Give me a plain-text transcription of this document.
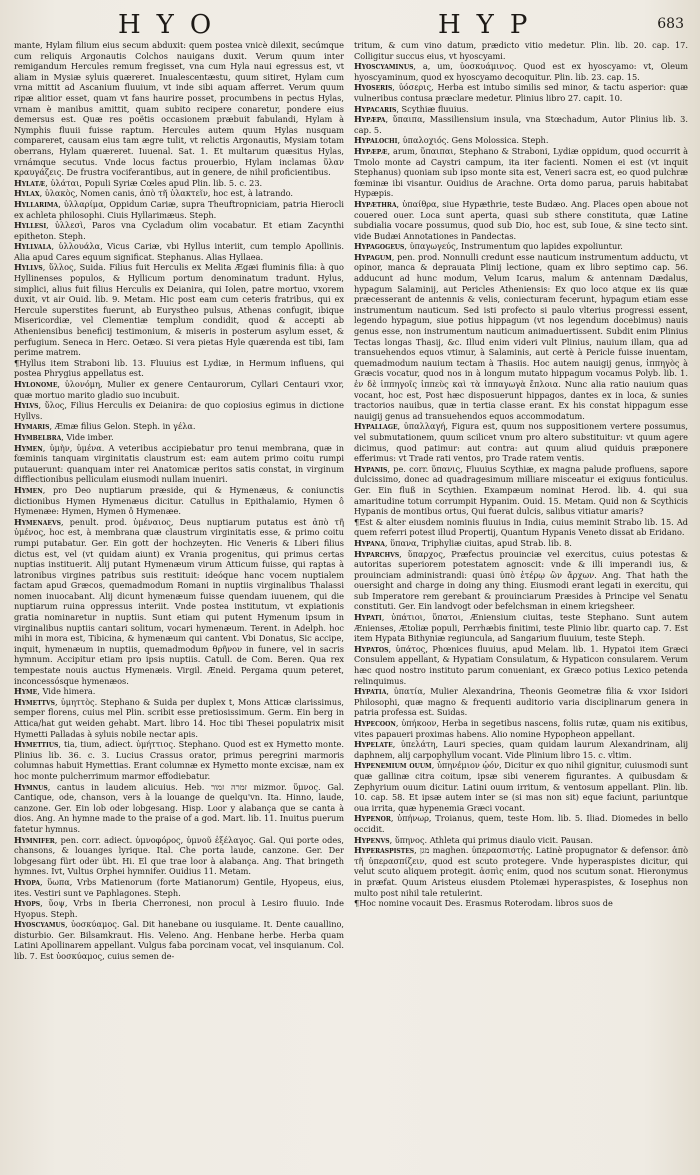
HYO	HYP	683

mante, Hylam filium eius secum abduxit: quem postea vnicè dilexit, secúmque cum reliquis Argonautis Colchos nauigans duxit. Verum quum inter remigandum Hercules remum fregisset, vna cum Hyla naui egressus est, vt aliam in Mysiæ syluis quæreret. Inualescentæstu, quum sitiret, Hylam cum vrna mittit ad Ascanium fluuium, vt inde sibi aquam afferret. Verum quum ripæ alitior esset, quam vt fans haurire posset, procumbens in pectus Hylas, vrnam è manibus amittit, quam subito recipere conaretur, pondere eius demersus est. Quæ res poëtis occasionem præbuit fabulandi, Hylam à Nymphis fluuii fuisse raptum. Hercules autem quum Hylas nusquam compareret, causam eius tam ægre tulit, vt relictis Argonautis, Mysiam totam oberrans, Hylam quæreret. Iuuenal. Sat. 1. Et multarum quæsitus Hylas, vrnámque secutus. Vnde locus factus prouerbio, Hylam inclamas ὕλαν κραυγάζεις. De frustra vociferantibus, aut in genere, de nihil proficientibus.

Hylatæ, ὑλάται, Populi Syriæ Cœles apud Plin. lib. 5. c. 23.

Hylax, ὑλακὸς, Nomen canis, ἀπὸ τῆ ὑλακτεῖν, hoc est, à latrando.

Hyllarima, ὑλλαρίμα, Oppidum Cariæ, supra Theuftropniciam, patria Hierocli ex achleta philosophi. Ciuis Hyllarimæus. Steph.

Hyllesi, ὑλλεσὶ, Paros vna Cycladum olim vocabatur. Et etiam Zacynthi epitheton. Steph.

Hyllvala, ὑλλουάλα, Vicus Cariæ, vbi Hyllus interiit, cum templo Apollinis. Alia apud Cares equum significat. Stephanus. Alias Hyllaea.

Hyllvs, ὕλλος, Suida. Filius fuit Herculis ex Melita Ægæi fluminis filia: à quo Hyllinenses populos, & Hyllicum portum denominatum tradunt. Hylus, simplici, alius fuit filius Herculis ex Deianira, qui Iolen, patre mortuo, vxorem duxit, vt air Ouid. lib. 9. Metam. Hic post eam cum ceteris fratribus, qui ex Hercule superstites fuerunt, ab Eurystheo pulsus, Athenas confugit, ibique Misericordiæ, vel Clementiæ templum condidit, quod & accepti ab Atheniensibus beneficij testimonium, & miseris in posterum asylum esset, & perfugium. Seneca in Herc. Oetæo. Si vera pietas Hyle quærenda est tibi, Iam perime matrem.

¶Hyllus item Straboni lib. 13. Fluuius est Lydiæ, in Hermum influens, qui postea Phrygius appellatus est.

Hylonome, ὑλονόμη, Mulier ex genere Centaurorum, Cyllari Centauri vxor, quæ mortuo marito gladio suo incubuit.

Hylvs, ὕλος, Filius Herculis ex Deianira: de quo copiosius egimus in dictione Hyllvs.

Hymaris, Æmæ filius Gelon. Steph. in γέλα.

Hymbelbra, Vide imber.

Hymen, ὑμὴν, ὑμένα. A veteribus accipiebatur pro tenui membrana, quæ in fœminis tanquam virginitatis claustrum est: eam autem primo coitu rumpi putauerunt: quanquam inter rei Anatomicæ peritos satis constat, in virginum difflectionibus pelliculam eiusmodi nullam inueniri.

Hymen, pro Deo nuptiarum præside, qui & Hymenæus, & coniunctis dictionibus Hymen Hymenæus dicitur. Catullus in Epithalamio, Hymen ô Hymenæe: Hymen, Hymen ô Hymenæe.

Hymenaevs, penult. prod. ὑμέναιος, Deus nuptiarum putatus est ἀπὸ τῆ ὑμένος, hoc est, à membrana quæ claustrum virginitatis esse, & primo coitu rumpi putabatur. Ger. Ein gott der hochzeyten. Hic Veneris & Liberi filius dictus est, vel (vt quidam aiunt) ex Vrania progenitus, qui primus certas nuptias instituerit. Alij putant Hymenæum virum Atticum fuisse, qui raptas à latronibus virgines patribus suis restituit: ideóque hanc vocem nuptialem factam apud Græcos, quemadmodum Romani in nuptiis virginalibus Thalassi nomen inuocabant. Alij dicunt hymenæum fuisse quendam iuuenem, qui die nuptiarum ruina oppressus interiit. Vnde postea institutum, vt expiationis gratia nominaretur in nuptiis. Sunt etiam qui putent Hymenum ipsum in virginalibus nuptiis cantari solitum, vocari hymenæum. Terent. in Adelph. hoc mihi in mora est, Tibicina, & hymenæum qui cantent. Vbi Donatus, Sic accipe, inquit, hymenæum in nuptiis, quemadmodum θρῆνον in funere, vel in sacris hymnum. Accipitur etiam pro ipsis nuptiis. Catull. de Com. Beren. Qua rex tempestate nouis auctus Hymenæis. Virgil. Æneid. Pergama quum peteret, inconcessósque hymenæos.

Hyme, Vide himera.

Hymettvs, ὑμηττὸς. Stephano & Suida per duplex t, Mons Atticæ clarissimus, semper florens, cuius mel Plin. scribit esse pretiosissimum. Germ. Ein berg in Attica/hat gut weiden gehabt. Mart. libro 14. Hoc tibi Thesei populatrix misit Hymetti Palladas à syluis nobile nectar apis.

Hymettius, tia, tium, adiect. ὑμήττιος. Stephano. Quod est ex Hymetto monte. Plinius lib. 36. c. 3. Lucius Crassus orator, primus peregrini marmoris columnas habuit Hymettias. Erant columnæ ex Hymetto monte excisæ, nam ex hoc monte pulcherrimum marmor effodiebatur.

Hymnus, cantus in laudem alicuius. Heb. זמרה זמור mizmor. ὕμνος. Gal. Cantique, ode, chanson, vers à la louange de quelqu'vn. Ita. Hinno, laude, canzone. Ger. Ein lob oder lobgesang. Hisp. Loor y alabança que se canta à dios. Ang. An hymne made to the praise of a god. Mart. lib. 11. Inuitus puerum fatetur hymnus.

Hymnifer, pen. corr. adiect. ὑμνοφόρος, ὑμνοῦ ἐξέλαγος. Gal. Qui porte odes, chansons, & louanges lyrique. Ital. Che porta laude, canzone. Ger. Der lobgesang fürt oder übt. Hi. El que trae loor à alabança. Ang. That bringeth hymnes. Ivt, Vultus Orphei hymnifer. Ouidius 11. Metam.

Hyopa, ὕωπα, Vrbs Matienorum (forte Matianorum) Gentile, Hyopeus, eius, ites. Vestiri sunt ve Paphlagones. Steph.

Hyops, ὕοψ, Vrbs in Iberia Cherronesi, non procul à Lesiro fluuio. Inde Hyopus. Steph.

Hyoscyamus, ὑοσκύαμος. Gal. Dit hanebane ou iusquiame. It. Dente cauallino, disturbio. Ger. Bilsamkraut. His. Veleno. Ang. Henbane herbe. Herba quam Latini Apollinarem appellant. Vulgus faba porcinam vocat, vel insquianum. Col. lib. 7. Est ὑοσκύαμος, cuius semen de-

tritum, & cum vino datum, prædicto vitio medetur. Plin. lib. 20. cap. 17. Colligitur succus eius, vt hyoscyami.

Hyoscyaminus, a, um, ὑοσκυάμινος. Quod est ex hyoscyamo: vt, Oleum hyoscyaminum, quod ex hyoscyamo decoquitur. Plin. lib. 23. cap. 15.

Hyoseris, ὑόσερις, Herba est intubo similis sed minor, & tactu asperior: quæ vulneribus contusa præclare medetur. Plinius libro 27. capit. 10.

Hypacaris, Scythiæ fluuius.

Hypæpa, ὕπαιπα, Massiliensium insula, vna Stœchadum, Autor Plinius lib. 3. cap. 5.

Hypalochi, ὑπαλοχιός. Gens Molossica. Steph.

Hypæpæ, arum, ὕπαιπαι, Stephano & Straboni, Lydiæ oppidum, quod occurrit à Tmolo monte ad Caystri campum, ita iter facienti. Nomen ei est (vt inquit Stephanus) quoniam sub ipso monte sita est, Veneri sacra est, eo quod pulchræ fœminæ ibi visantur. Ouidius de Arachne. Orta domo parua, paruis habitabat Hypæpis.

Hypæthra, ὑπαίθρα, siue Hypæthrie, teste Budæo. Ang. Places open aboue not couered ouer. Loca sunt aperta, quasi sub sthere constituta, quæ Latine subdialia vocare possumus, quod sub Dio, hoc est, sub Ioue, & sine tecto sint. vide Budæi Annotationes in Pandectas.

Hypagogeus, ὑπαγωγεύς, Instrumentum quo lapides expoliuntur.

Hypagum, pen. prod. Nonnulli credunt esse nauticum instrumentum adductu, vt opinor, manca & deprauata Plinij lectione, quam ex libro septimo cap. 56. adducunt ad hunc modum, Velum Icarus, malum & antennam Dædalus, hypagum Salaminij, aut Pericles Atheniensis: Ex quo loco atque ex iis quæ præcesserant de antennis & velis, coniecturam fecerunt, hypagum etiam esse instrumentum nauticum. Sed isti profecto si paulo vlterius progressi essent, legendo hypagum, siue potius hippagum (vt nos legendum docebimus) nauis genus esse, non instrumentum nauticum animaduertissent. Subdit enim Plinius Tectas longas Thasij, &c. Illud enim videri vult Plinius, nauium illam, qua ad transuehendos equos vtimur, à Salaminis, aut certè à Pericle fuisse inuentam, quemadmodum nauium tectam à Thasiis. Hoc autem nauigij genus, ἱππηγὸς à Græcis vocatur, quod nos in à longum mutato hippagum vocamus Polyb. lib. 1. ἐν δὲ ἱππηγοῖς ἱππεὺς καὶ τὰ ἱππαγωγὰ ἔπλοια. Nunc alia ratio nauium quas vocant, hoc est, Post hæc disposuerunt hippagos, dantes ex in loca, & sunies tractorios nauibus, quæ in tertia classe erant. Ex his constat hippagum esse nauigij genus ad transuehendos equos accommodatum.

Hypallage, ὑπαλλαγή, Figura est, quum nos suppositionem vertere possumus, vel submutationem, quum scilicet vnum pro altero substituitur: vt quum agere dicimus, quod patimur: aut contra: aut quum aliud quiduis præponere efferimus: vt Trade rati ventos, pro Trade ratem ventis.

Hypanis, pe. corr. ὕπανις, Fluuius Scythiæ, ex magna palude profluens, sapore dulcissimo, donec ad quadragesimum milliare misceatur ei exiguus fonticulus. Ger. Ein fluß in Scythien. Exampæum nominat Herod. lib. 4. qui sua amaritudine totum corrumpit Hypanim. Ouid. 15. Metam. Quid non & Scythicis Hypanis de montibus ortus, Qui fuerat dulcis, salibus vitiatur amaris?

¶Est & alter eiusdem nominis fluuius in India, cuius meminit Strabo lib. 15. Ad quem referri potest illud Propertij, Quantum Hypanis Veneto dissat ab Eridano.

Hypana, ὕπανα, Triphyliæ ciuitas, apud Strab. lib. 8.

Hyparchvs, ὕπαρχος, Præfectus prouinciæ vel exercitus, cuius potestas & autoritas superiorem potestatem agnoscit: vnde & illi imperandi ius, & prouinciam administrandi: quasi ὑπὸ ἑτέρῳ ὢν ἄρχων. Ang. That hath the ouersight and charge in doing any thing. Eiusmodi erant legati in exercitu, qui sub Imperatore rem gerebant & prouinciarum Præsides à Principe vel Senatu constituti. Ger. Ein landvogt oder befelchsman in einem kriegsheer.

Hypati, ὑπάτιοι, ὕπατοι, Æniensium ciuitas, teste Stephano. Sunt autem Ænienses, Ætoliæ populi, Perrhæbis finitimi, teste Plinio libr. quarto cap. 7. Est item Hypata Bithyniæ regiuncula, ad Sangarium fluuium, teste Steph.

Hypatos, ὑπάτος, Phœnices fluuius, apud Melam. lib. 1. Hypatoi item Græci Consulem appellant, & Hypatiam Consulatum, & Hypaticon consularem. Verum hæc quod nostro instituto parum conueniant, ex Græco potius Lexico petenda relinquimus.

Hypatia, ὑπατία, Mulier Alexandrina, Theonis Geometræ filia & vxor Isidori Philosophi, quæ magno & frequenti auditorio varia disciplinarum genera in patria professa est. Suidas.

Hypecoon, ὑπήκοον, Herba in segetibus nascens, foliis rutæ, quam nis exitibus, vites papaueri proximas habens. Alio nomine Hypopheon appellant.

Hypelate, ὑπελάτη, Lauri species, quam quidam laurum Alexandrinam, alij daphnem, alij carpophyllum vocant. Vide Plinium libro 15. c. vltim.

Hypenemium ouum, ὑπηνέμιον ᾠόν, Dicitur ex quo nihil gignitur, cuiusmodi sunt quæ gallinæ citra coitum, ipsæ sibi venerem figurantes. A quibusdam & Zephyrium ouum dicitur. Latini ouum irritum, & ventosum appellant. Plin. lib. 10. cap. 58. Et ipsæ autem inter se (si mas non sit) eque faciunt, pariuntque oua irrita, quæ hypenemia Græci vocant.

Hypenor, ὑπήνωρ, Troianus, quem, teste Hom. lib. 5. Iliad. Diomedes in bello occidit.

Hypenvs, ὕπηνος. Athleta qui primus diaulo vicit. Pausan.

Hyperaspistes, מגן maghen. ὑπερασπιστής. Latinè propugnator & defensor. ἀπὸ τῆ ὑπερασπίζειν, quod est scuto protegere. Vnde hyperaspistes dicitur, qui velut scuto aliquem protegit. ἀσπὶς enim, quod nos scutum sonat. Hieronymus in præfat. Quum Aristeus eiusdem Ptolemæi hyperaspistes, & Iosephus non multo post nihil tale retulerint.

¶Hoc nomine vocauit Des. Erasmus Roterodam. libros suos de
